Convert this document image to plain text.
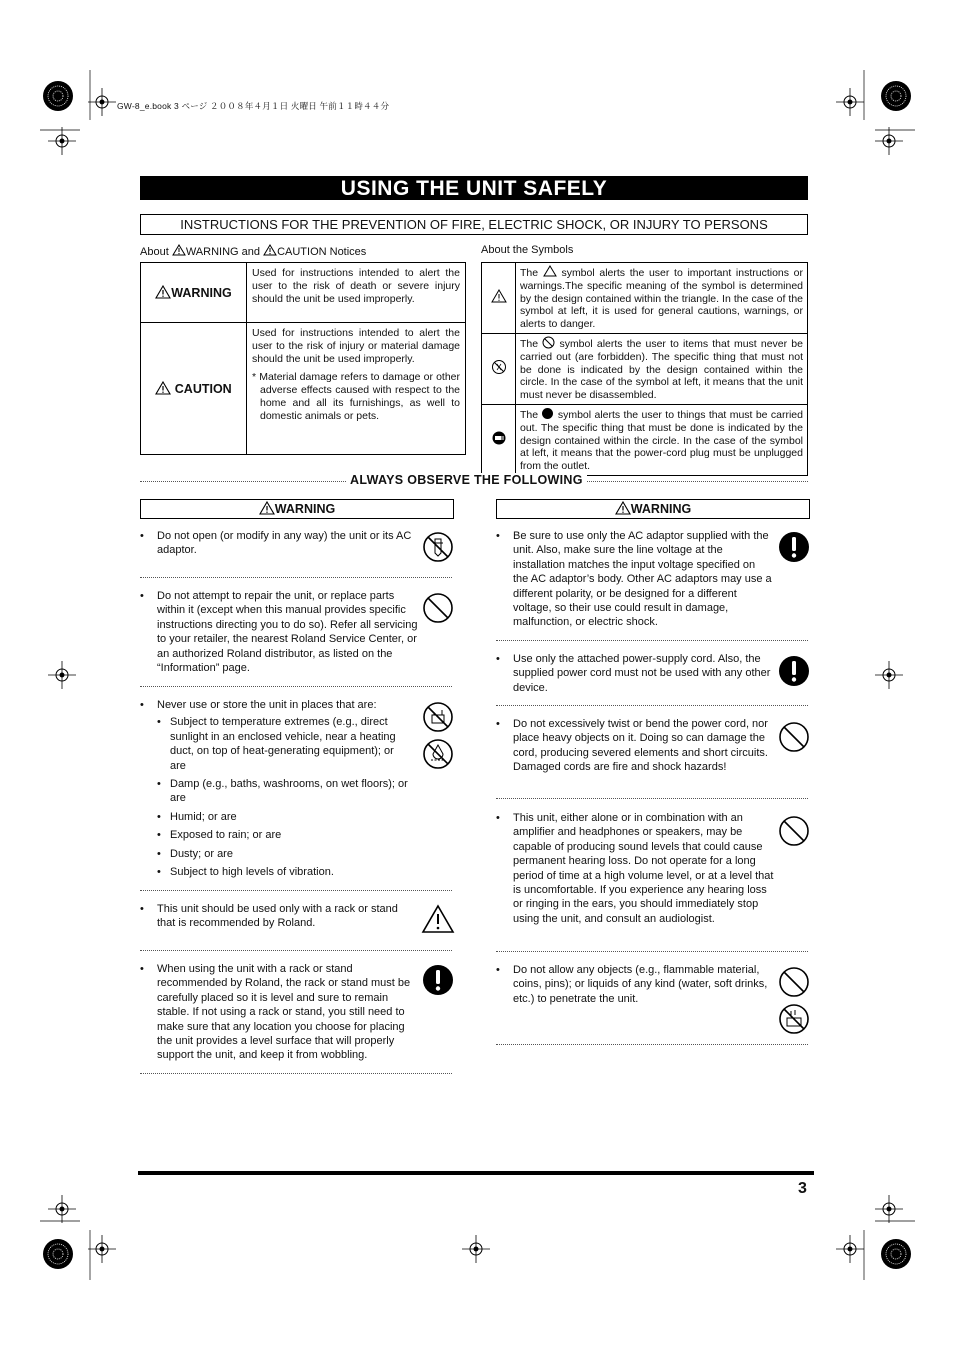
GW-8_e.book 3 ページ ２００８年４月１日 火曜日 午前１１時４４分
USING THE UNIT SAFELY
INSTRUCTIONS FOR THE PREVENTION OF FIRE, ELECTRIC SHOCK, OR INJURY TO PERSONS
About WARNING and CAUTION Notices
WARNING	Used for instructions intended to alert the user to the risk of death or severe injury should the unit be used improperly.
CAUTION	Used for instructions intended to alert the user to the risk of injury or material damage should the unit be used improperly.
* Material damage refers to damage or other adverse effects caused with respect to the home and all its furnishings, as well to domestic animals or pets.
About the Symbols
	The symbol alerts the user to important instructions or warnings.The specific meaning of the symbol is determined by the design contained within the triangle. In the case of the symbol at left, it is used for general cautions, warnings, or alerts to danger.
	The symbol alerts the user to items that must never be carried out (are forbidden). The specific thing that must not be done is indicated by the design contained within the circle. In the case of the symbol at left, it means that the unit must never be disassembled.
	The symbol alerts the user to things that must be carried out. The specific thing that must be done is indicated by the design contained within the circle. In the case of the symbol at left, it means that the power-cord plug must be unplugged from the outlet.
ALWAYS OBSERVE THE FOLLOWING
WARNING
• Do not open (or modify in any way) the unit or its AC adaptor.
• Do not attempt to repair the unit, or replace parts within it (except when this manual provides specific instructions directing you to do so). Refer all servicing to your retailer, the nearest Roland Service Center, or an authorized Roland distributor, as listed on the “Information” page.
• Never use or store the unit in places that are:
• Subject to temperature extremes (e.g., direct sunlight in an enclosed vehicle, near a heating duct, on top of heat-generating equipment); or are
• Damp (e.g., baths, washrooms, on wet floors); or are
• Humid; or are
• Exposed to rain; or are
• Dusty; or are
• Subject to high levels of vibration.
• This unit should be used only with a rack or stand that is recommended by Roland.
• When using the unit with a rack or stand recommended by Roland, the rack or stand must be carefully placed so it is level and sure to remain stable. If not using a rack or stand, you still need to make sure that any location you choose for placing the unit provides a level surface that will properly support the unit, and keep it from wobbling.
WARNING
• Be sure to use only the AC adaptor supplied with the unit. Also, make sure the line voltage at the installation matches the input voltage specified on the AC adaptor’s body. Other AC adaptors may use a different polarity, or be designed for a different voltage, so their use could result in damage, malfunction, or electric shock.
• Use only the attached power-supply cord. Also, the supplied power cord must not be used with any other device.
• Do not excessively twist or bend the power cord, nor place heavy objects on it. Doing so can damage the cord, producing severed elements and short circuits. Damaged cords are fire and shock hazards!
• This unit, either alone or in combination with an amplifier and headphones or speakers, may be capable of producing sound levels that could cause permanent hearing loss. Do not operate for a long period of time at a high volume level, or at a level that is uncomfortable. If you experience any hearing loss or ringing in the ears, you should immediately stop using the unit, and consult an audiologist.
• Do not allow any objects (e.g., flammable material, coins, pins); or liquids of any kind (water, soft drinks, etc.) to penetrate the unit.
3
